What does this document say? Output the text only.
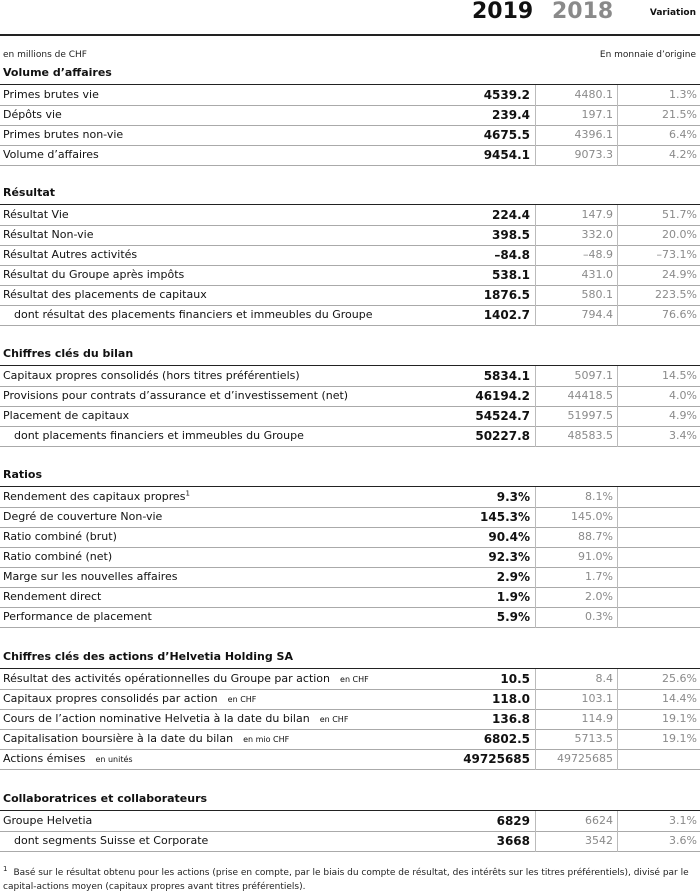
2019 2018	Variation
en millions de CHF	En monnaie d’origine
Volume d’affaires
Primes brutes vie	4539.2	4480.1	1.3%
Dépôts vie	239.4	197.1	21.5%
Primes brutes non-vie	4675.5	4396.1	6.4%
Volume d’affaires	9454.1	9073.3	4.2%
Résultat
Résultat Vie	224.4	147.9	51.7%
Résultat Non-vie	398.5	332.0	20.0%
Résultat Autres activités	–84.8	–48.9	–73.1%
Résultat du Groupe après impôts	538.1	431.0	24.9%
Résultat des placements de capitaux	1876.5	580.1	223.5%
dont résultat des placements financiers et immeubles du Groupe	1402.7	794.4	76.6%
Chiffres clés du bilan
Capitaux propres consolidés (hors titres préférentiels)	5834.1	5097.1	14.5%
Provisions pour contrats d’assurance et d’investissement (net)	46194.2	44418.5	4.0%
Placement de capitaux	54524.7	51997.5	4.9%
dont placements financiers et immeubles du Groupe	50227.8	48583.5	3.4%
Ratios
Rendement des capitaux propres$^1$	9.3%	8.1%
Degré de couverture Non-vie	145.3%	145.0%
Ratio combiné (brut)	90.4%	88.7%
Ratio combiné (net)	92.3%	91.0%
Marge sur les nouvelles affaires	2.9%	1.7%
Rendement direct	1.9%	2.0%
Performance de placement	5.9%	0.3%
Chiffres clés des actions d’Helvetia Holding SA
Résultat des activités opérationnelles du Groupe par action en CHF	10.5	8.4	25.6%
Capitaux propres consolidés par action en CHF	118.0	103.1	14.4%
Cours de l’action nominative Helvetia à la date du bilan en CHF	136.8	114.9	19.1%
Capitalisation boursière à la date du bilan en mio CHF	6802.5	5713.5	19.1%
Actions émises en unités	49725685 49725685
Collaboratrices et collaborateurs
Groupe Helvetia	6829	6624	3.1%
dont segments Suisse et Corporate	3668	3542	3.6%
$^1$ Basé sur le résultat obtenu pour les actions (prise en compte, par le biais du compte de résultat, des intérêts sur les titres préférentiels), divisé par le capital-actions moyen (capitaux propres avant titres préférentiels).
